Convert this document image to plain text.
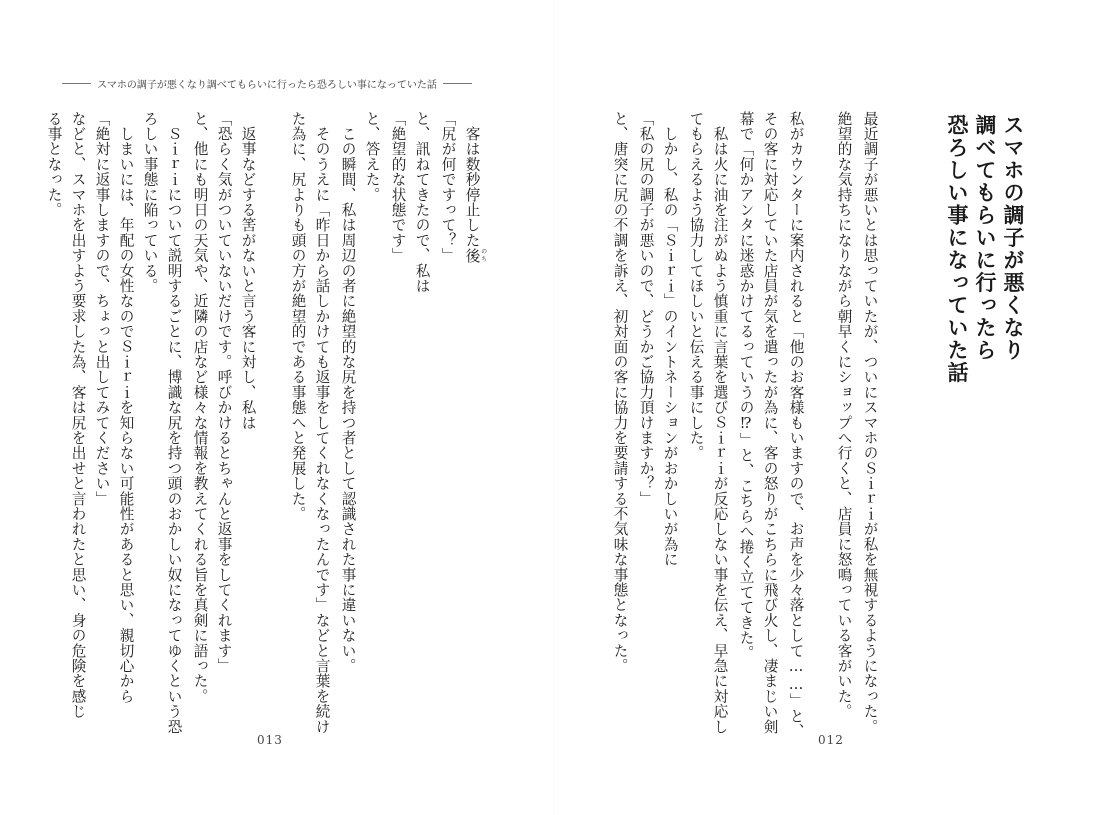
スマホの調子が悪くなり調べてもらいに行ったら恐ろしい事になっていた話
スマホの調子が悪くなり
調べてもらいに行ったら
恐ろしい事になっていた話
最近調子が悪いとは思っていたが、ついにスマホのＳｉｒｉが私を無視するようになった。
絶望的な気持ちになりながら朝早くにショップへ行くと、店員に怒鳴っている客がいた。
私がカウンターに案内されると「他のお客様もいますので、お声を少々落として……」と、
その客に対応していた店員が気を遣ったが為に、客の怒りがこちらに飛び火し、凄まじい剣
幕で「何かアンタに迷惑かけてるっていうの⁉」と、こちらへ捲く立ててきた。
　私は火に油を注がぬよう慎重に言葉を選びＳｉｒｉが反応しない事を伝え、早急に対応し
てもらえるよう協力してほしいと伝える事にした。
　しかし、私の「Ｓｉｒｉ」のイントネーションがおかしいが為に
「私の尻の調子が悪いので、どうかご協力頂けますか？」
と、唐突に尻の不調を訴え、初対面の客に協力を要請する不気味な事態となった。
012
　客は数秒停止した後 のち
「尻が何ですって？」
と、訊ねてきたので、私は
「絶望的な状態です」
と、答えた。
　この瞬間、私は周辺の者に絶望的な尻を持つ者として認識された事に違いない。
　そのうえに「昨日から話しかけても返事をしてくれなくなったんです」などと言葉を続け
た為に、尻よりも頭の方が絶望的である事態へと発展した。
　返事などする筈がないと言う客に対し、私は
「恐らく気がついていないだけです。呼びかけるとちゃんと返事をしてくれます」
と、他にも明日の天気や、近隣の店など様々な情報を教えてくれる旨を真剣に語った。
　Ｓｉｒｉについて説明するごとに、博識な尻を持つ頭のおかしい奴になってゆくという恐
ろしい事態に陥っている。
　しまいには、年配の女性なのでＳｉｒｉを知らない可能性があると思い、親切心から
「絶対に返事しますので、ちょっと出してみてください」
などと、スマホを出すよう要求した為、客は尻を出せと言われたと思い、身の危険を感じ
る事となった。
013
